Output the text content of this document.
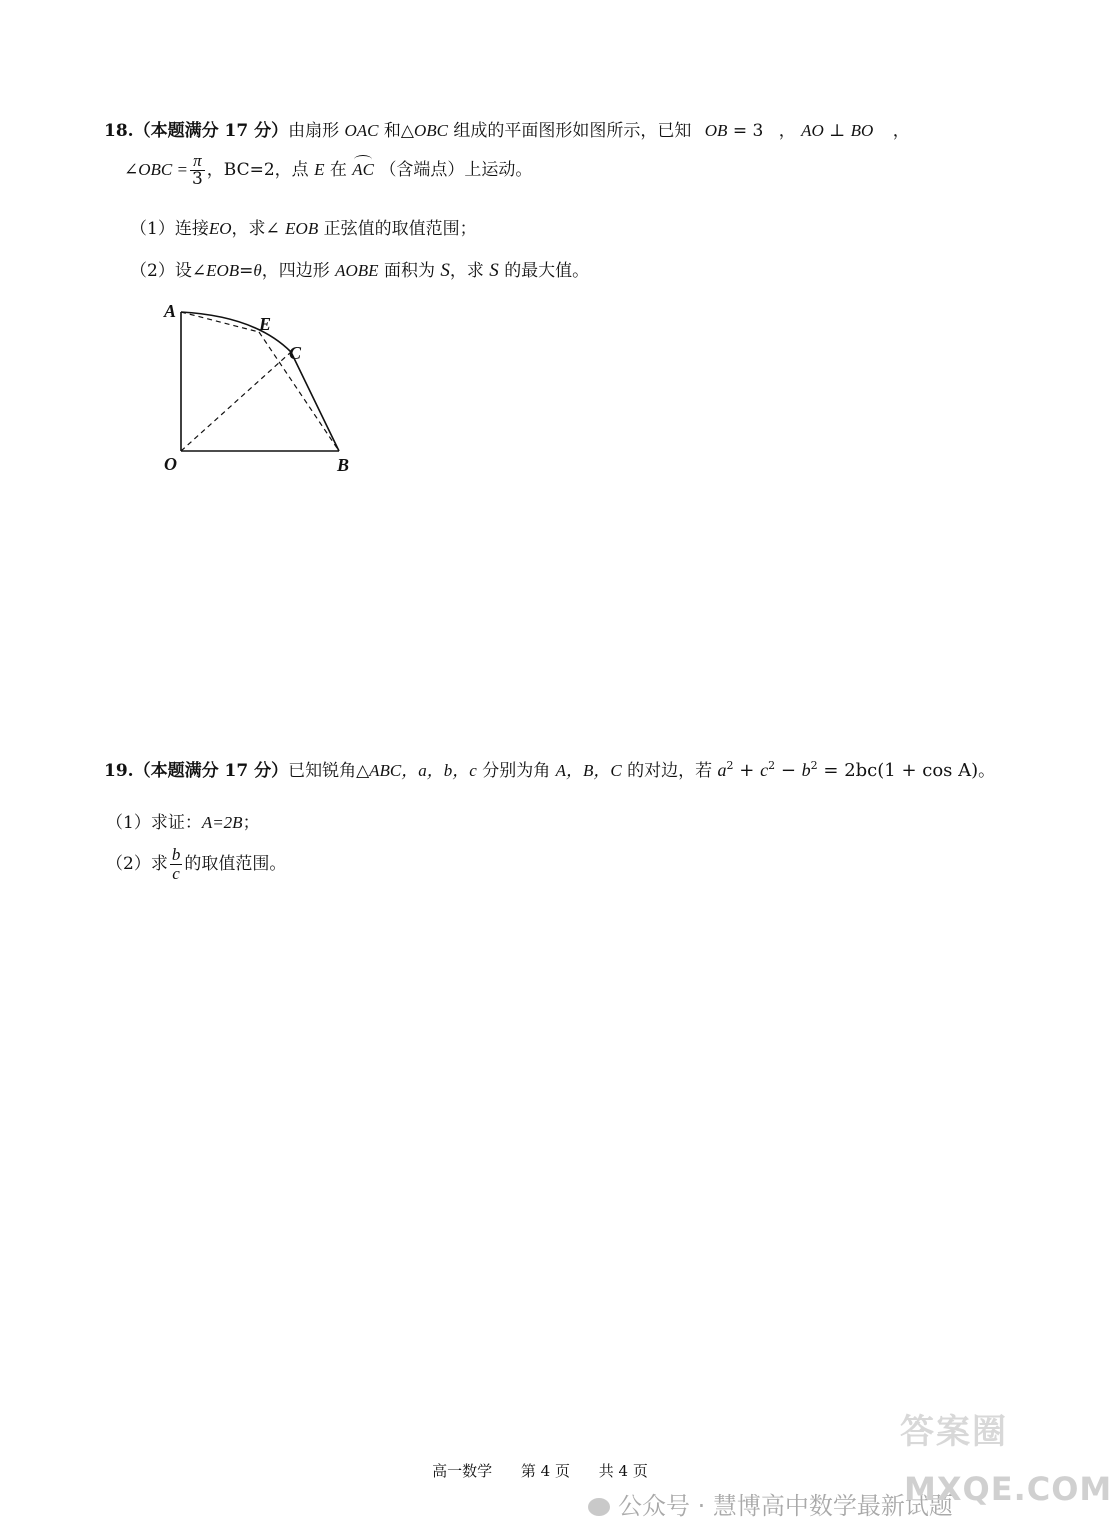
18.（本题满分 17 分）由扇形 OAC 和△OBC 组成的平面图形如图所示，已知 OB = 3 ， AO ⊥ BO ，
∠OBC = $\frac{\pi}{3}$ ，BC=2，点 E 在 AC （含端点）上运动。
（1）连接EO，求∠ EOB 正弦值的取值范围；
（2）设∠EOB=θ，四边形 AOBE 面积为 S，求 S 的最大值。
A
E
C
O	B
19.（本题满分 17 分）已知锐角△ABC，a，b，c 分别为角 A，B，C 的对边，若 $a^2 + c^2 - b^2 = 2bc(1 + \cos A)$。
（1）求证：A=2B；
（2）求 $\frac{b}{c}$ 的取值范围。
答案圈
高一数学 第 4 页 共 4 页
公众号 · 慧博高中数学最新试题
MXQE.COM
